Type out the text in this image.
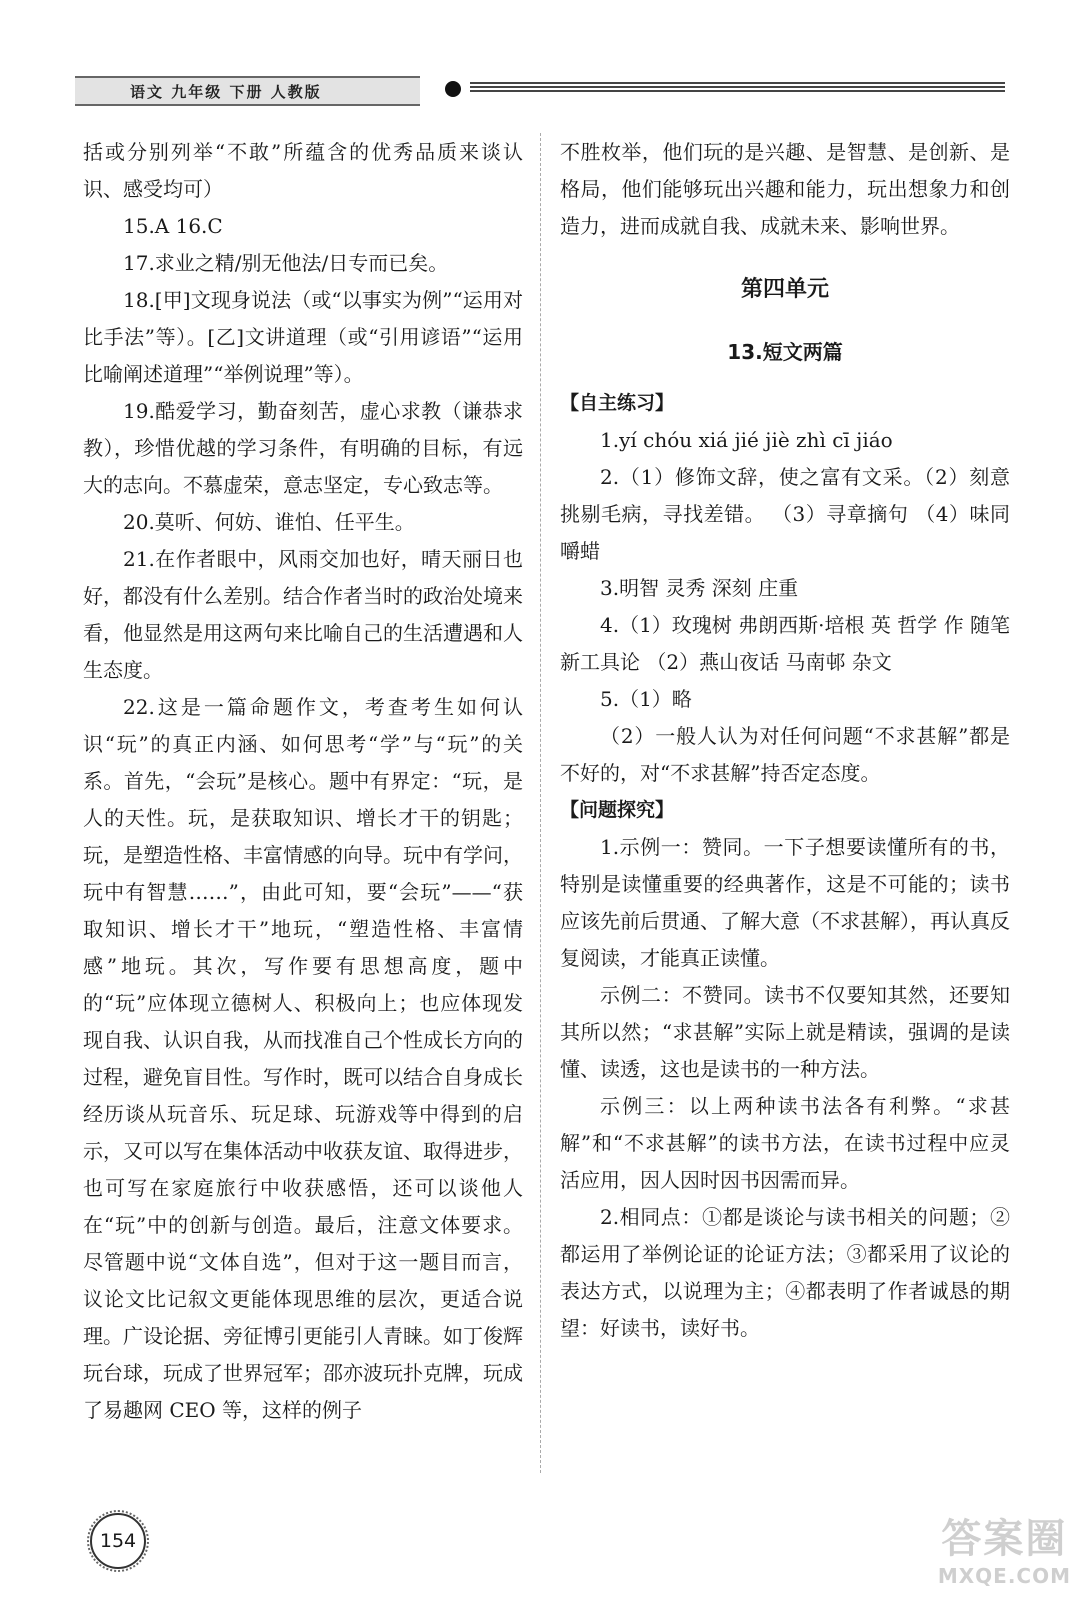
语文 九年级 下册 人教版

括或分别列举“不敢”所蕴含的优秀品质来谈认识、感受均可）

15.A 16.C

17.求业之精/别无他法/日专而已矣。

18.[甲]文现身说法（或“以事实为例”“运用对比手法”等）。[乙]文讲道理（或“引用谚语”“运用比喻阐述道理”“举例说理”等）。

19.酷爱学习，勤奋刻苦，虚心求教（谦恭求教），珍惜优越的学习条件，有明确的目标，有远大的志向。不慕虚荣，意志坚定，专心致志等。

20.莫听、何妨、谁怕、任平生。

21.在作者眼中，风雨交加也好，晴天丽日也好，都没有什么差别。结合作者当时的政治处境来看，他显然是用这两句来比喻自己的生活遭遇和人生态度。

22.这是一篇命题作文，考查考生如何认识“玩”的真正内涵、如何思考“学”与“玩”的关系。首先，“会玩”是核心。题中有界定：“玩，是人的天性。玩，是获取知识、增长才干的钥匙；玩，是塑造性格、丰富情感的向导。玩中有学问，玩中有智慧……”，由此可知，要“会玩”——“获取知识、增长才干”地玩，“塑造性格、丰富情感”地玩。其次，写作要有思想高度，题中的“玩”应体现立德树人、积极向上；也应体现发现自我、认识自我，从而找准自己个性成长方向的过程，避免盲目性。写作时，既可以结合自身成长经历谈从玩音乐、玩足球、玩游戏等中得到的启示，又可以写在集体活动中收获友谊、取得进步，也可写在家庭旅行中收获感悟，还可以谈他人在“玩”中的创新与创造。最后，注意文体要求。尽管题中说“文体自选”，但对于这一题目而言，议论文比记叙文更能体现思维的层次，更适合说理。广设论据、旁征博引更能引人青睐。如丁俊辉玩台球，玩成了世界冠军；邵亦波玩扑克牌，玩成了易趣网 CEO 等，这样的例子

不胜枚举，他们玩的是兴趣、是智慧、是创新、是格局，他们能够玩出兴趣和能力，玩出想象力和创造力，进而成就自我、成就未来、影响世界。

第四单元
13.短文两篇

【自主练习】

1.yí chóu xiá jié jiè zhì cī jiáo

2.（1）修饰文辞，使之富有文采。（2）刻意挑剔毛病，寻找差错。 （3）寻章摘句 （4）味同嚼蜡

3.明智 灵秀 深刻 庄重

4.（1）玫瑰树 弗朗西斯·培根 英 哲学 作 随笔 新工具论 （2）燕山夜话 马南邨 杂文

5.（1）略

（2）一般人认为对任何问题“不求甚解”都是不好的，对“不求甚解”持否定态度。

【问题探究】

1.示例一：赞同。一下子想要读懂所有的书，特别是读懂重要的经典著作，这是不可能的；读书应该先前后贯通、了解大意（不求甚解），再认真反复阅读，才能真正读懂。

示例二：不赞同。读书不仅要知其然，还要知其所以然；“求甚解”实际上就是精读，强调的是读懂、读透，这也是读书的一种方法。

示例三：以上两种读书法各有利弊。“求甚解”和“不求甚解”的读书方法，在读书过程中应灵活应用，因人因时因书因需而异。

2.相同点：①都是谈论与读书相关的问题；②都运用了举例论证的论证方法；③都采用了议论的表达方式，以说理为主；④都表明了作者诚恳的期望：好读书，读好书。

154	答案圈
MXQE.COM
